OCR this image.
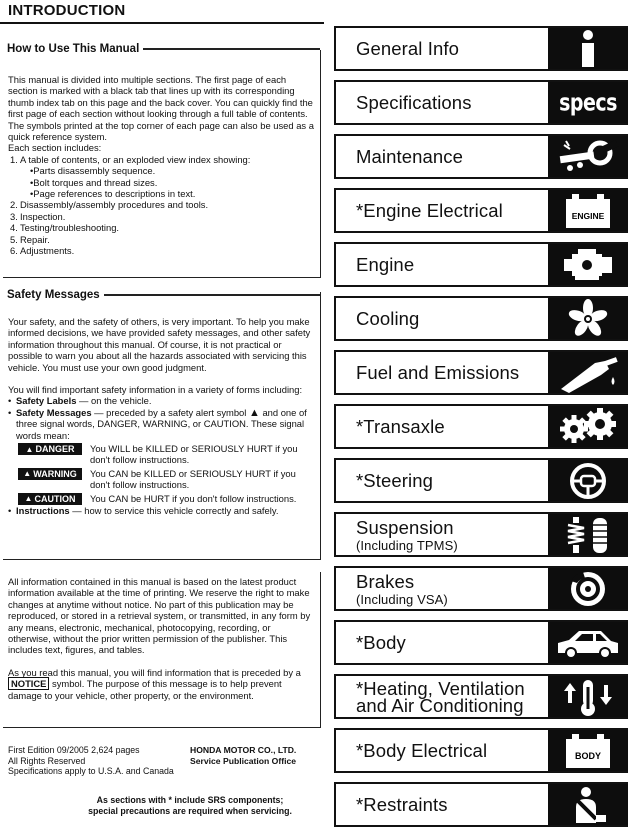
INTRODUCTION
How to Use This Manual

This manual is divided into multiple sections. The first page of each section is marked with a black tab that lines up with its corresponding thumb index tab on this page and the back cover. You can quickly find the first page of each section without looking through a full table of contents. The symbols printed at the top corner of each page can also be used as a quick reference system.

Each section includes:

1. A table of contents, or an exploded view index showing:
• Parts disassembly sequence.
• Bolt torques and thread sizes.
• Page references to descriptions in text.
2. Disassembly/assembly procedures and tools.
3. Inspection.
4. Testing/troubleshooting.
5. Repair.
6. Adjustments.
Safety Messages

Your safety, and the safety of others, is very important. To help you make informed decisions, we have provided safety messages, and other safety information throughout this manual. Of course, it is not practical or possible to warn you about all the hazards associated with servicing this vehicle. You must use your own good judgment.

You will find important safety information in a variety of forms including:

• Safety Labels — on the vehicle.
• Safety Messages — preceded by a safety alert symbol ▲ and one of three signal words, DANGER, WARNING, or CAUTION. These signal words mean:
▲ DANGER You WILL be KILLED or SERIOUSLY HURT if you don't follow instructions.
▲ WARNING You CAN be KILLED or SERIOUSLY HURT if you don't follow instructions.
▲ CAUTION You CAN be HURT if you don't follow instructions.
• Instructions — how to service this vehicle correctly and safely.

All information contained in this manual is based on the latest product information available at the time of printing. We reserve the right to make changes at anytime without notice. No part of this publication may be reproduced, or stored in a retrieval system, or transmitted, in any form by any means, electronic, mechanical, photocopying, recording, or otherwise, without the prior written permission of the publisher. This includes text, figures, and tables.

As you read this manual, you will find information that is preceded by a NOTICE symbol. The purpose of this message is to help prevent damage to your vehicle, other property, or the environment.

First Edition 09/2005 2,624 pages
All Rights Reserved
Specifications apply to U.S.A. and Canada
HONDA MOTOR CO., LTD.
Service Publication Office
As sections with * include SRS components;
special precautions are required when servicing.
General Info
Specifications	specs
Maintenance
*Engine Electrical	ENGINE
Engine
Cooling
Fuel and Emissions
*Transaxle
*Steering
Suspension
(Including TPMS)
Brakes
(Including VSA)
*Body
*Heating, Ventilation
and Air Conditioning
*Body Electrical	BODY
*Restraints
